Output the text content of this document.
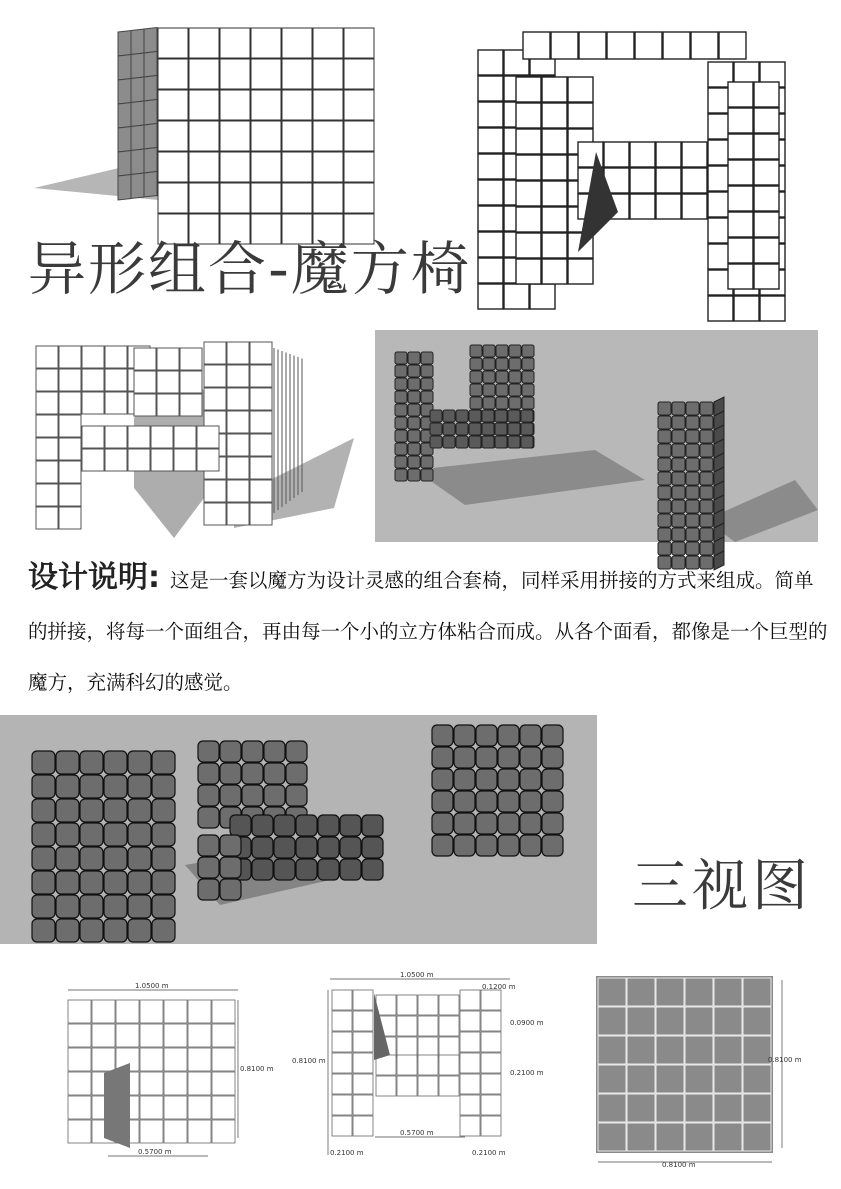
异形组合-魔方椅
设计说明: 这是一套以魔方为设计灵感的组合套椅，同样采用拼接的方式来组成。简单的拼接，将每一个面组合，再由每一个小的立方体粘合而成。从各个面看，都像是一个巨型的魔方，充满科幻的感觉。
三视图
1.0500 m
0.8100 m
0.5700 m
1.0500 m
0.1200 m
0.0900 m
0.8100 m
0.2100 m
0.5700 m
0.2100 m	0.2100 m
0.8100 m
0.8100 m
